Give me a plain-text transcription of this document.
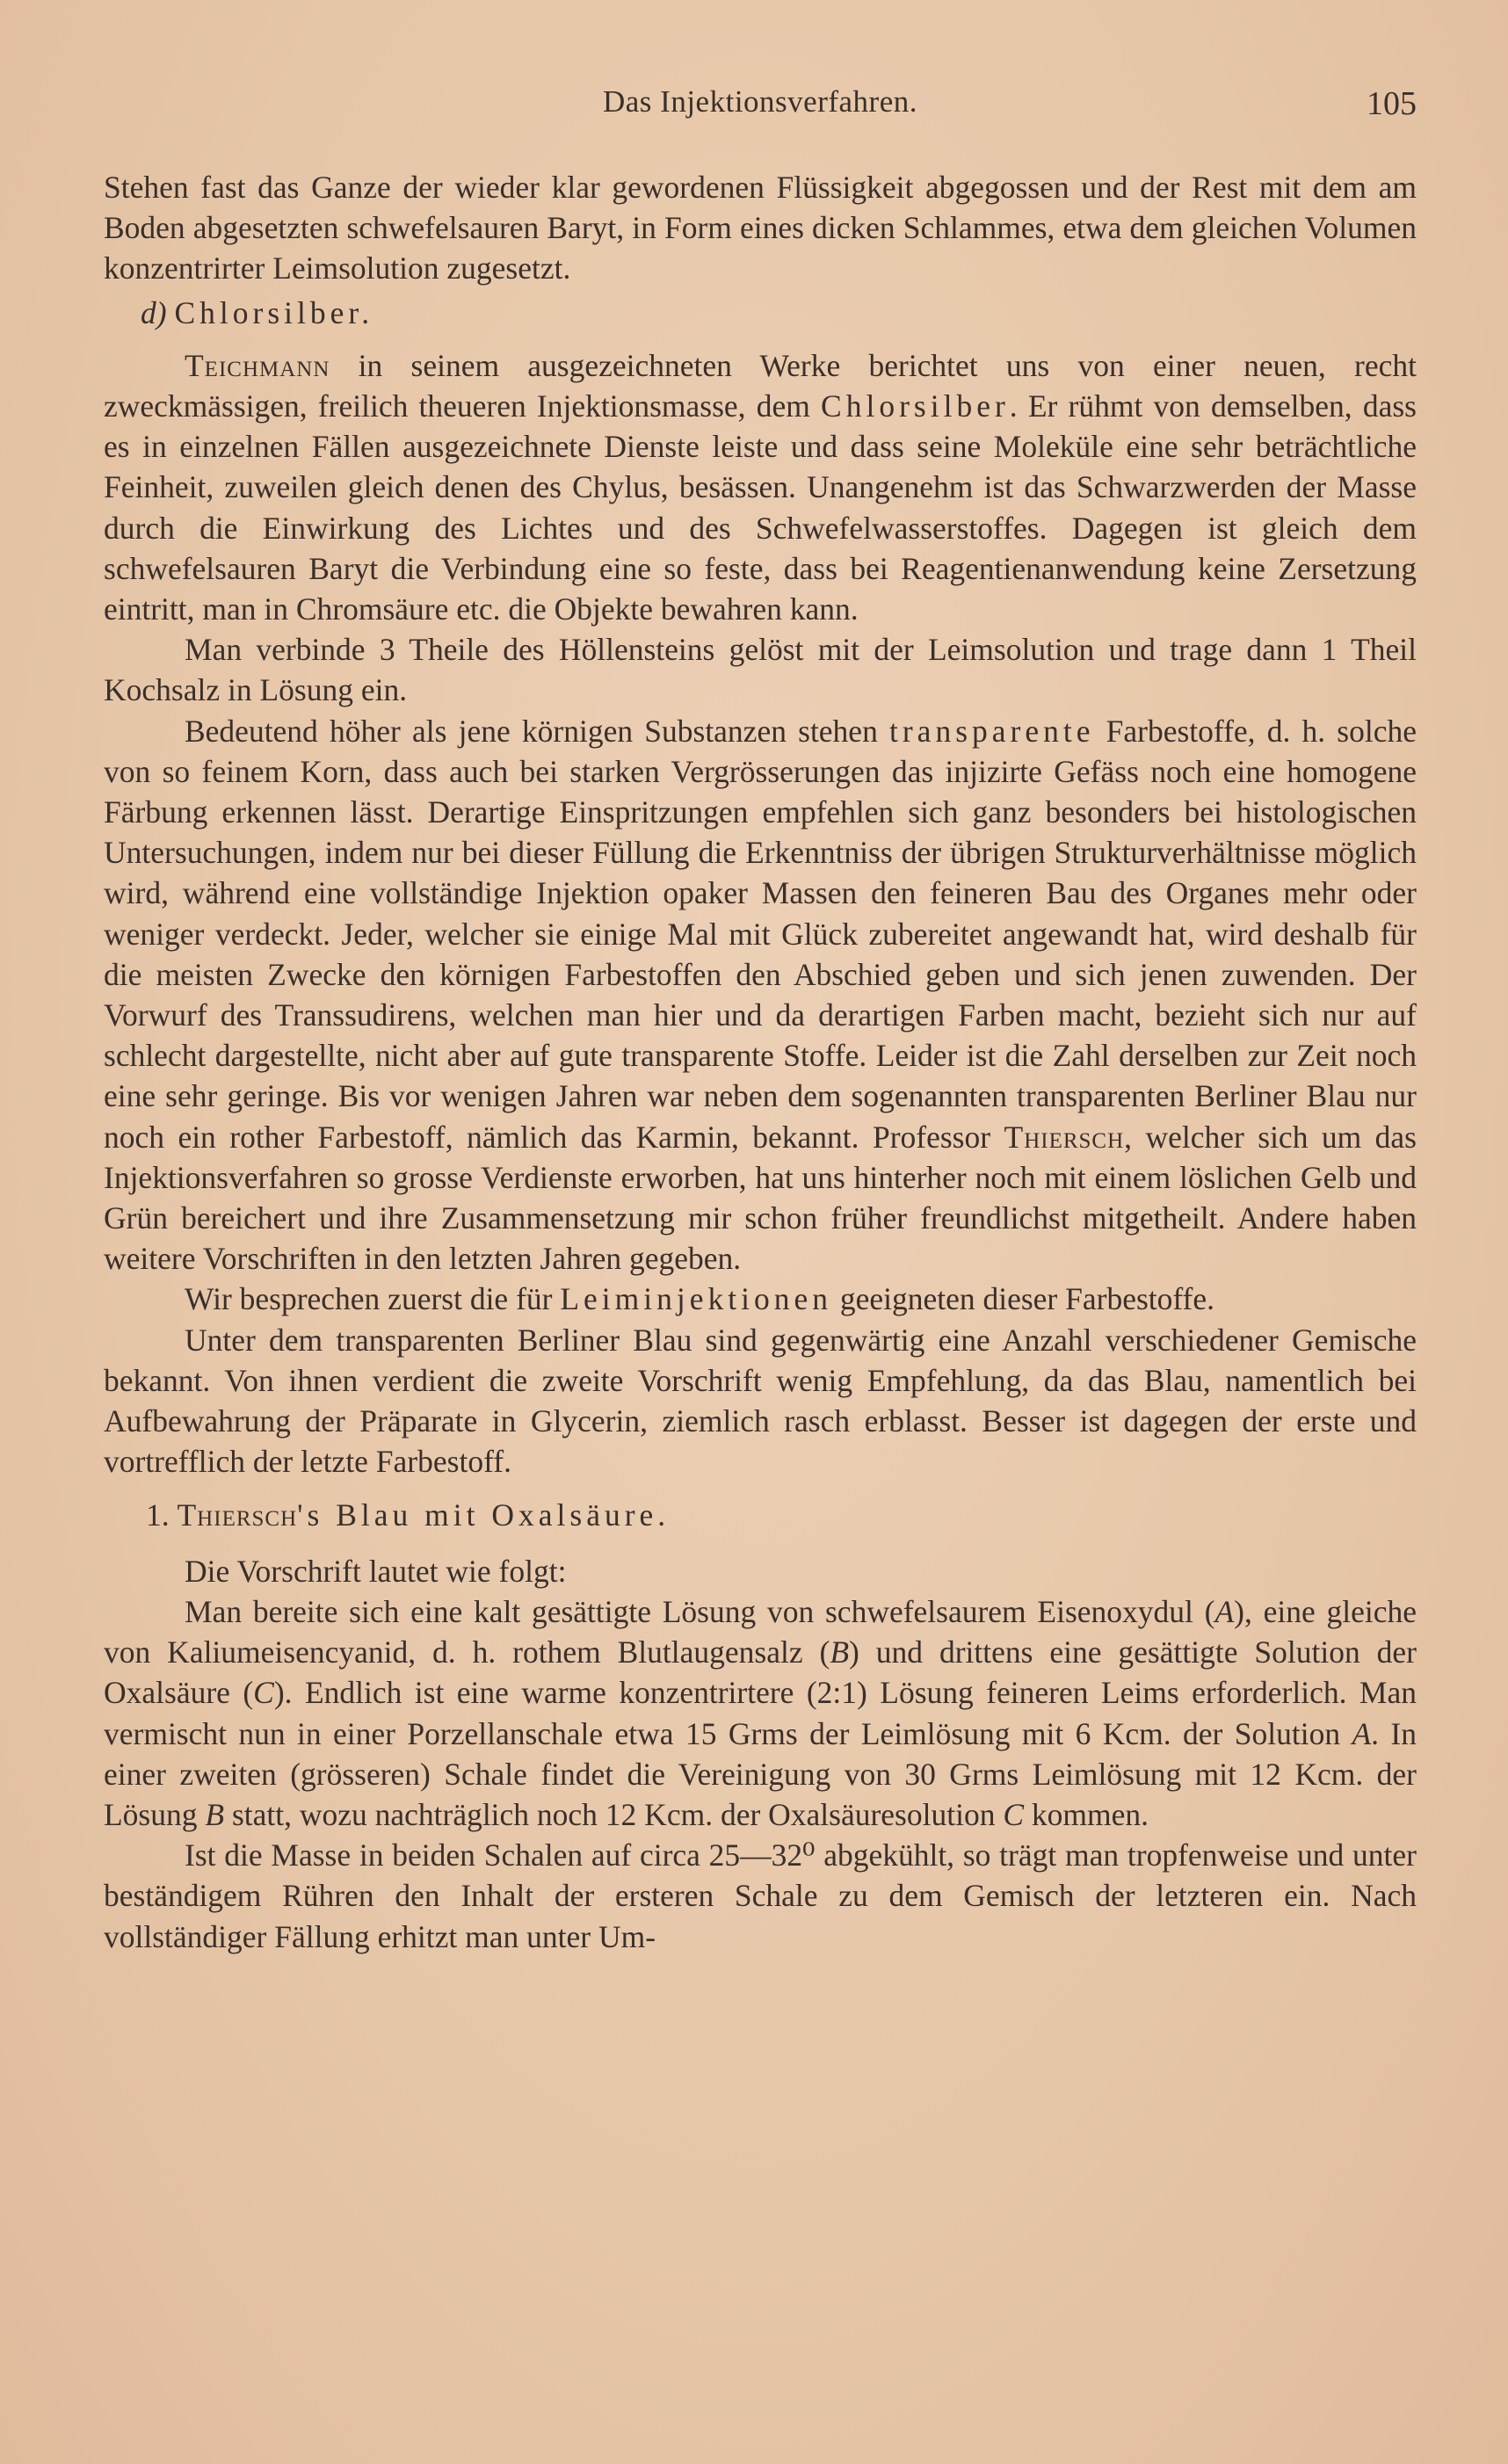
Das Injektionsverfahren.	105

Stehen fast das Ganze der wieder klar gewordenen Flüssigkeit abgegossen und der Rest mit dem am Boden abgesetzten schwefelsauren Baryt, in Form eines dicken Schlammes, etwa dem gleichen Volumen konzentrirter Leimsolution zugesetzt.

d) Chlorsilber.

Teichmann in seinem ausgezeichneten Werke berichtet uns von einer neuen, recht zweckmässigen, freilich theueren Injektionsmasse, dem Chlorsilber. Er rühmt von demselben, dass es in einzelnen Fällen ausgezeichnete Dienste leiste und dass seine Moleküle eine sehr beträchtliche Feinheit, zuweilen gleich denen des Chylus, besässen. Unangenehm ist das Schwarzwerden der Masse durch die Einwirkung des Lichtes und des Schwefelwasserstoffes. Dagegen ist gleich dem schwefelsauren Baryt die Verbindung eine so feste, dass bei Reagentienanwendung keine Zersetzung eintritt, man in Chromsäure etc. die Objekte bewahren kann.

Man verbinde 3 Theile des Höllensteins gelöst mit der Leimsolution und trage dann 1 Theil Kochsalz in Lösung ein.

Bedeutend höher als jene körnigen Substanzen stehen transparente Farbestoffe, d. h. solche von so feinem Korn, dass auch bei starken Vergrösserungen das injizirte Gefäss noch eine homogene Färbung erkennen lässt. Derartige Einspritzungen empfehlen sich ganz besonders bei histologischen Untersuchungen, indem nur bei dieser Füllung die Erkenntniss der übrigen Strukturverhältnisse möglich wird, während eine vollständige Injektion opaker Massen den feineren Bau des Organes mehr oder weniger verdeckt. Jeder, welcher sie einige Mal mit Glück zubereitet angewandt hat, wird deshalb für die meisten Zwecke den körnigen Farbestoffen den Abschied geben und sich jenen zuwenden. Der Vorwurf des Transsudirens, welchen man hier und da derartigen Farben macht, bezieht sich nur auf schlecht dargestellte, nicht aber auf gute transparente Stoffe. Leider ist die Zahl derselben zur Zeit noch eine sehr geringe. Bis vor wenigen Jahren war neben dem sogenannten transparenten Berliner Blau nur noch ein rother Farbestoff, nämlich das Karmin, bekannt. Professor Thiersch, welcher sich um das Injektionsverfahren so grosse Verdienste erworben, hat uns hinterher noch mit einem löslichen Gelb und Grün bereichert und ihre Zusammensetzung mir schon früher freundlichst mitgetheilt. Andere haben weitere Vorschriften in den letzten Jahren gegeben.

Wir besprechen zuerst die für Leiminjektionen geeigneten dieser Farbestoffe.

Unter dem transparenten Berliner Blau sind gegenwärtig eine Anzahl verschiedener Gemische bekannt. Von ihnen verdient die zweite Vorschrift wenig Empfehlung, da das Blau, namentlich bei Aufbewahrung der Präparate in Glycerin, ziemlich rasch erblasst. Besser ist dagegen der erste und vortrefflich der letzte Farbestoff.

1. Thiersch's Blau mit Oxalsäure.

Die Vorschrift lautet wie folgt:

Man bereite sich eine kalt gesättigte Lösung von schwefelsaurem Eisenoxydul (A), eine gleiche von Kaliumeisencyanid, d. h. rothem Blutlaugensalz (B) und drittens eine gesättigte Solution der Oxalsäure (C). Endlich ist eine warme konzentrirtere (2:1) Lösung feineren Leims erforderlich. Man vermischt nun in einer Porzellanschale etwa 15 Grms der Leimlösung mit 6 Kcm. der Solution A. In einer zweiten (grösseren) Schale findet die Vereinigung von 30 Grms Leimlösung mit 12 Kcm. der Lösung B statt, wozu nachträglich noch 12 Kcm. der Oxalsäuresolution C kommen.

Ist die Masse in beiden Schalen auf circa 25—32⁰ abgekühlt, so trägt man tropfenweise und unter beständigem Rühren den Inhalt der ersteren Schale zu dem Gemisch der letzteren ein. Nach vollständiger Fällung erhitzt man unter Um-
